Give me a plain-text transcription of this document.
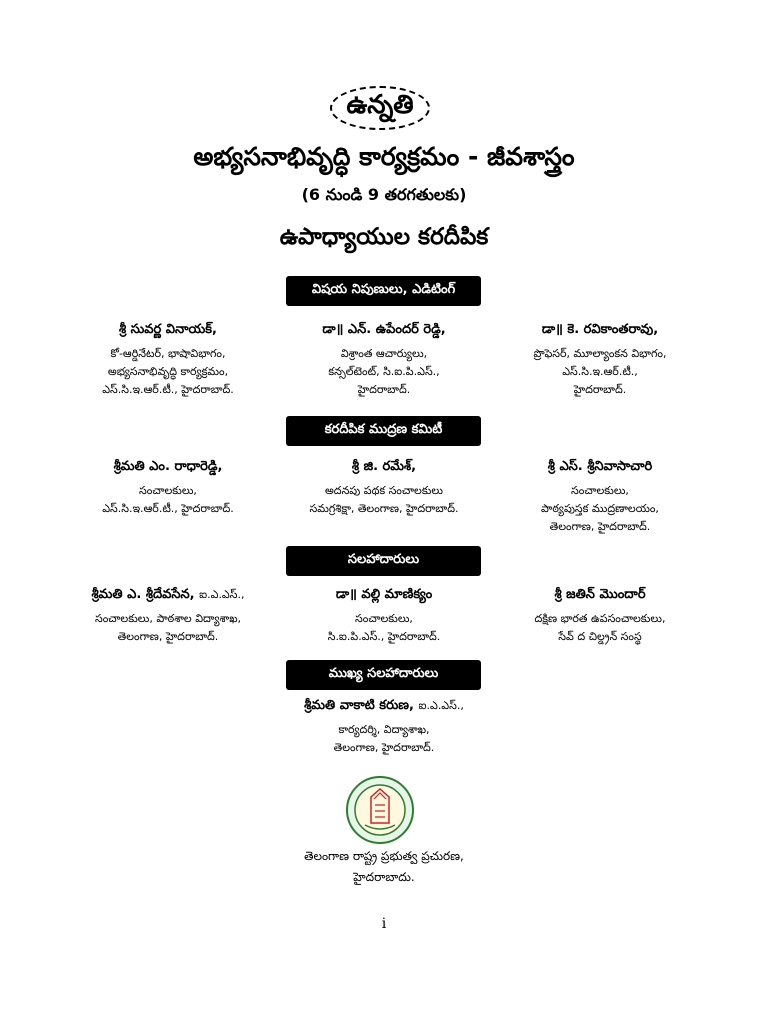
ఉన్నతి
అభ్యసనాభివృద్ధి కార్యక్రమం - జీవశాస్త్రం
(6 నుండి 9 తరగతులకు)
ఉపాధ్యాయుల కరదీపిక
విషయ నిపుణులు, ఎడిటింగ్
శ్రీ సువర్ణ వినాయక్,
కో-ఆర్డినేటర్, భాషావిభాగం,
అభ్యసనాభివృద్ధి కార్యక్రమం,
ఎస్.సి.ఇ.ఆర్.టీ., హైదరాబాద్.
డా॥ ఎన్. ఉపేందర్ రెడ్డి,
విశ్రాంత ఆచార్యులు,
కన్సల్‌టెంట్, సి.ఐ.పి.ఎస్.,
హైదరాబాద్.
డా॥ కె. రవికాంతరావు,
ప్రొఫెసర్, మూల్యాంకన విభాగం,
ఎస్.సి.ఇ.ఆర్.టీ.,
హైదరాబాద్.
కరదీపిక ముద్రణ కమిటీ
శ్రీమతి ఎం. రాధారెడ్డి,
సంచాలకులు,
ఎస్.సి.ఇ.ఆర్.టీ., హైదరాబాద్.
శ్రీ జి. రమేశ్,
అదనపు పథక సంచాలకులు
సమగ్రశిక్షా, తెలంగాణ, హైదరాబాద్.
శ్రీ ఎస్. శ్రీనివాసాచారి
సంచాలకులు,
పాఠ్యపుస్తక ముద్రణాలయం,
తెలంగాణ, హైదరాబాద్.
సలహాదారులు
శ్రీమతి ఎ. శ్రీదేవసేన, ఐ.ఎ.ఎస్.,
సంచాలకులు, పాఠశాల విద్యాశాఖ,
తెలంగాణ, హైదరాబాద్.
డా॥ వల్లి మాణిక్యం
సంచాలకులు,
సి.ఐ.పి.ఎస్., హైదరాబాద్.
శ్రీ జతిన్ మొందార్
దక్షిణ భారత ఉపసంచాలకులు,
సేవ్ ద చిల్డ్రన్ సంస్థ
ముఖ్య సలహాదారులు
శ్రీమతి వాకాటి కరుణ, ఐ.ఎ.ఎస్.,
కార్యదర్శి, విద్యాశాఖ,
తెలంగాణ, హైదరాబాద్.
తెలంగాణ రాష్ట్ర ప్రభుత్వ ప్రచురణ,
హైదరాబాదు.
i
